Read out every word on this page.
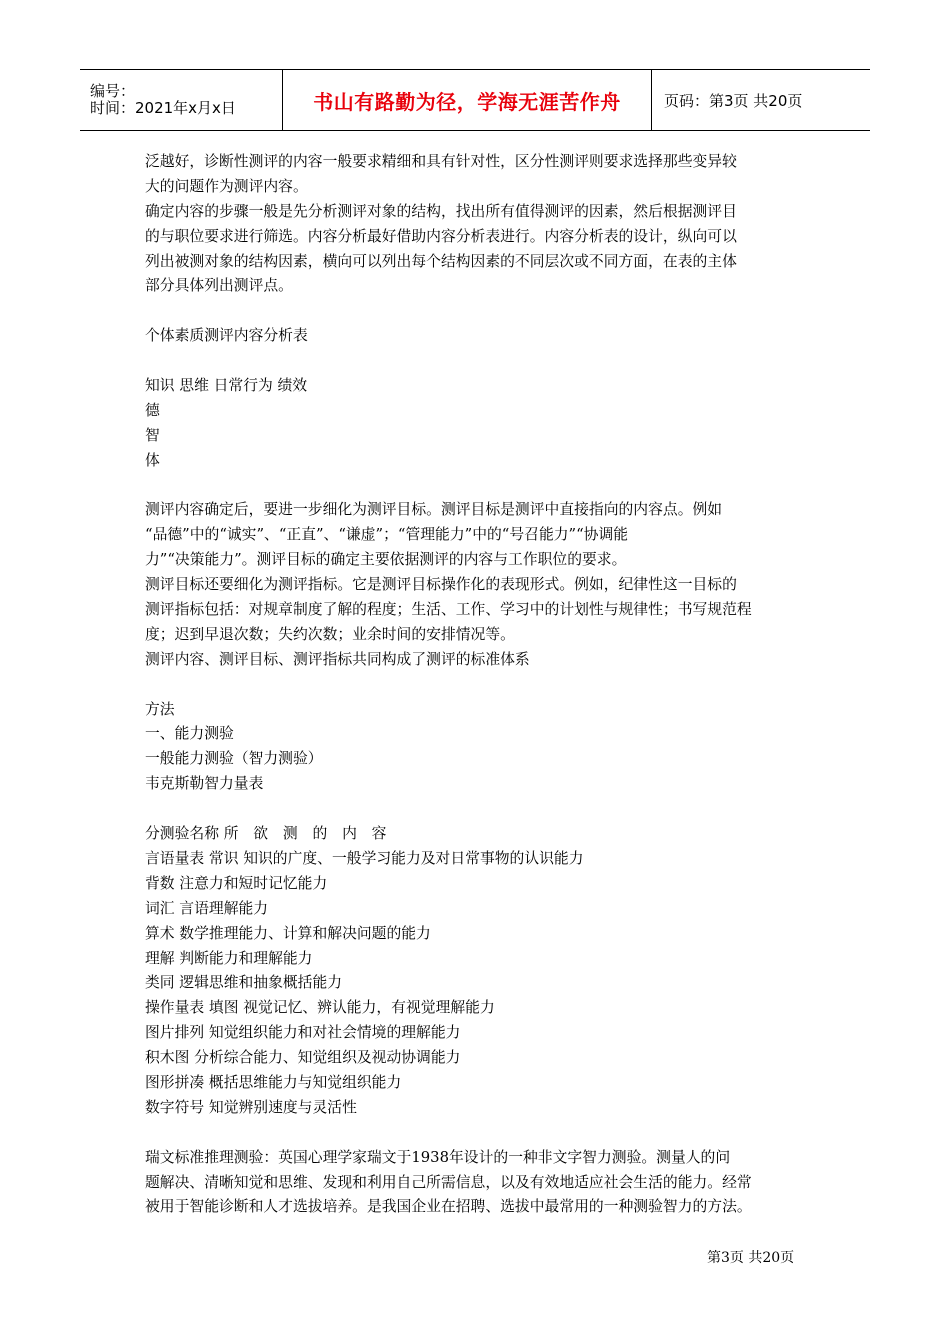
编号：
时间：2021年x月x日	书山有路勤为径，学海无涯苦作舟	页码：第3页 共20页
泛越好，诊断性测评的内容一般要求精细和具有针对性，区分性测评则要求选择那些变异较
大的问题作为测评内容。
确定内容的步骤一般是先分析测评对象的结构，找出所有值得测评的因素，然后根据测评目
的与职位要求进行筛选。内容分析最好借助内容分析表进行。内容分析表的设计，纵向可以
列出被测对象的结构因素，横向可以列出每个结构因素的不同层次或不同方面，在表的主体
部分具体列出测评点。
个体素质测评内容分析表
知识 思维 日常行为 绩效
德
智
体
测评内容确定后，要进一步细化为测评目标。测评目标是测评中直接指向的内容点。例如
“品德”中的“诚实”、“正直”、“谦虚”；“管理能力”中的“号召能力”“协调能
力”“决策能力”。测评目标的确定主要依据测评的内容与工作职位的要求。
测评目标还要细化为测评指标。它是测评目标操作化的表现形式。例如，纪律性这一目标的
测评指标包括：对规章制度了解的程度；生活、工作、学习中的计划性与规律性；书写规范程
度；迟到早退次数；失约次数；业余时间的安排情况等。
测评内容、测评目标、测评指标共同构成了测评的标准体系
方法
一、能力测验
一般能力测验（智力测验）
韦克斯勒智力量表
分测验名称 所　欲　测　的　内　容
言语量表 常识 知识的广度、一般学习能力及对日常事物的认识能力
背数 注意力和短时记忆能力
词汇 言语理解能力
算术 数学推理能力、计算和解决问题的能力
理解 判断能力和理解能力
类同 逻辑思维和抽象概括能力
操作量表 填图 视觉记忆、辨认能力，有视觉理解能力
图片排列 知觉组织能力和对社会情境的理解能力
积木图 分析综合能力、知觉组织及视动协调能力
图形拼凑 概括思维能力与知觉组织能力
数字符号 知觉辨别速度与灵活性
瑞文标准推理测验：英国心理学家瑞文于1938年设计的一种非文字智力测验。测量人的问
题解决、清晰知觉和思维、发现和利用自己所需信息，以及有效地适应社会生活的能力。经常
被用于智能诊断和人才选拔培养。是我国企业在招聘、选拔中最常用的一种测验智力的方法。
第3页 共20页
